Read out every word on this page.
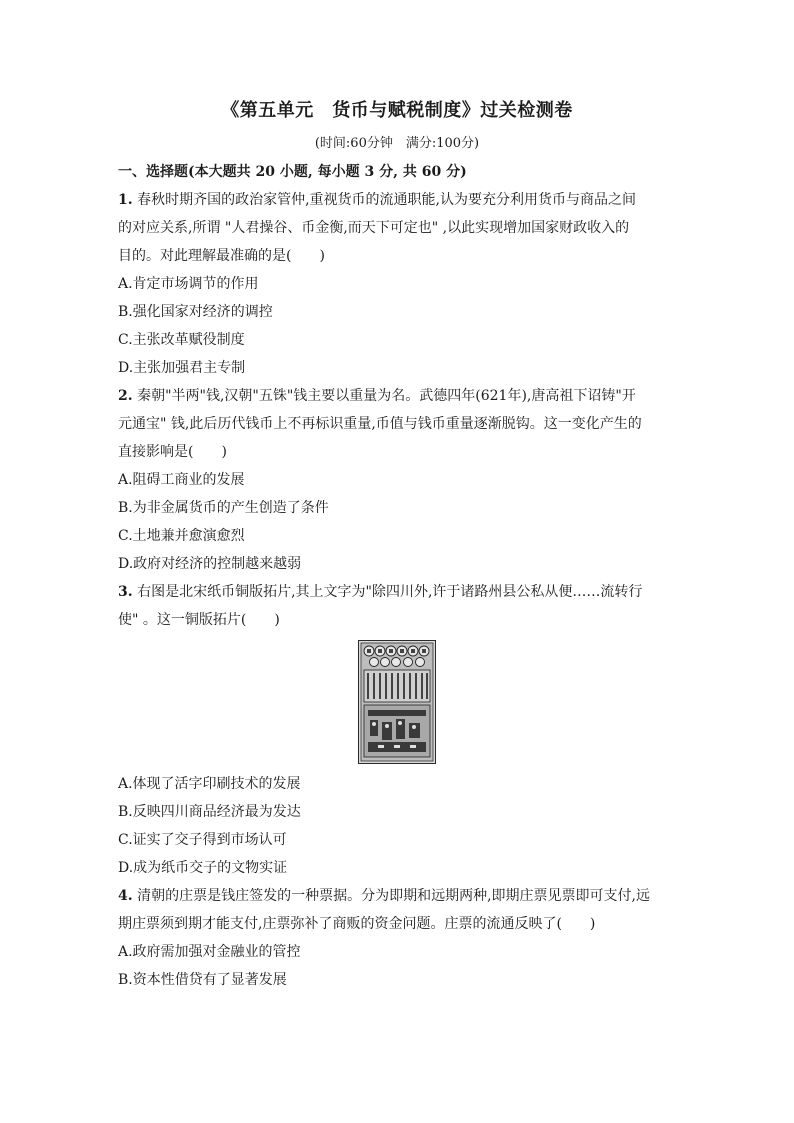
《第五单元　货币与赋税制度》过关检测卷
(时间:60分钟　满分:100分)
一、选择题(本大题共 20 小题, 每小题 3 分, 共 60 分)
1. 春秋时期齐国的政治家管仲,重视货币的流通职能,认为要充分利用货币与商品之间
的对应关系,所谓 "人君操谷、币金衡,而天下可定也" ,以此实现增加国家财政收入的
目的。对此理解最准确的是(　　)
A.肯定市场调节的作用
B.强化国家对经济的调控
C.主张改革赋役制度
D.主张加强君主专制
2. 秦朝"半两"钱,汉朝"五铢"钱主要以重量为名。武德四年(621年),唐高祖下诏铸"开
元通宝" 钱,此后历代钱币上不再标识重量,币值与钱币重量逐渐脱钩。这一变化产生的
直接影响是(　　)
A.阻碍工商业的发展
B.为非金属货币的产生创造了条件
C.土地兼并愈演愈烈
D.政府对经济的控制越来越弱
3. 右图是北宋纸币铜版拓片,其上文字为"除四川外,许于诸路州县公私从便……流转行
使" 。这一铜版拓片(　　)
A.体现了活字印刷技术的发展
B.反映四川商品经济最为发达
C.证实了交子得到市场认可
D.成为纸币交子的文物实证
4. 清朝的庄票是钱庄签发的一种票据。分为即期和远期两种,即期庄票见票即可支付,远
期庄票须到期才能支付,庄票弥补了商贩的资金问题。庄票的流通反映了(　　)
A.政府需加强对金融业的管控
B.资本性借贷有了显著发展
